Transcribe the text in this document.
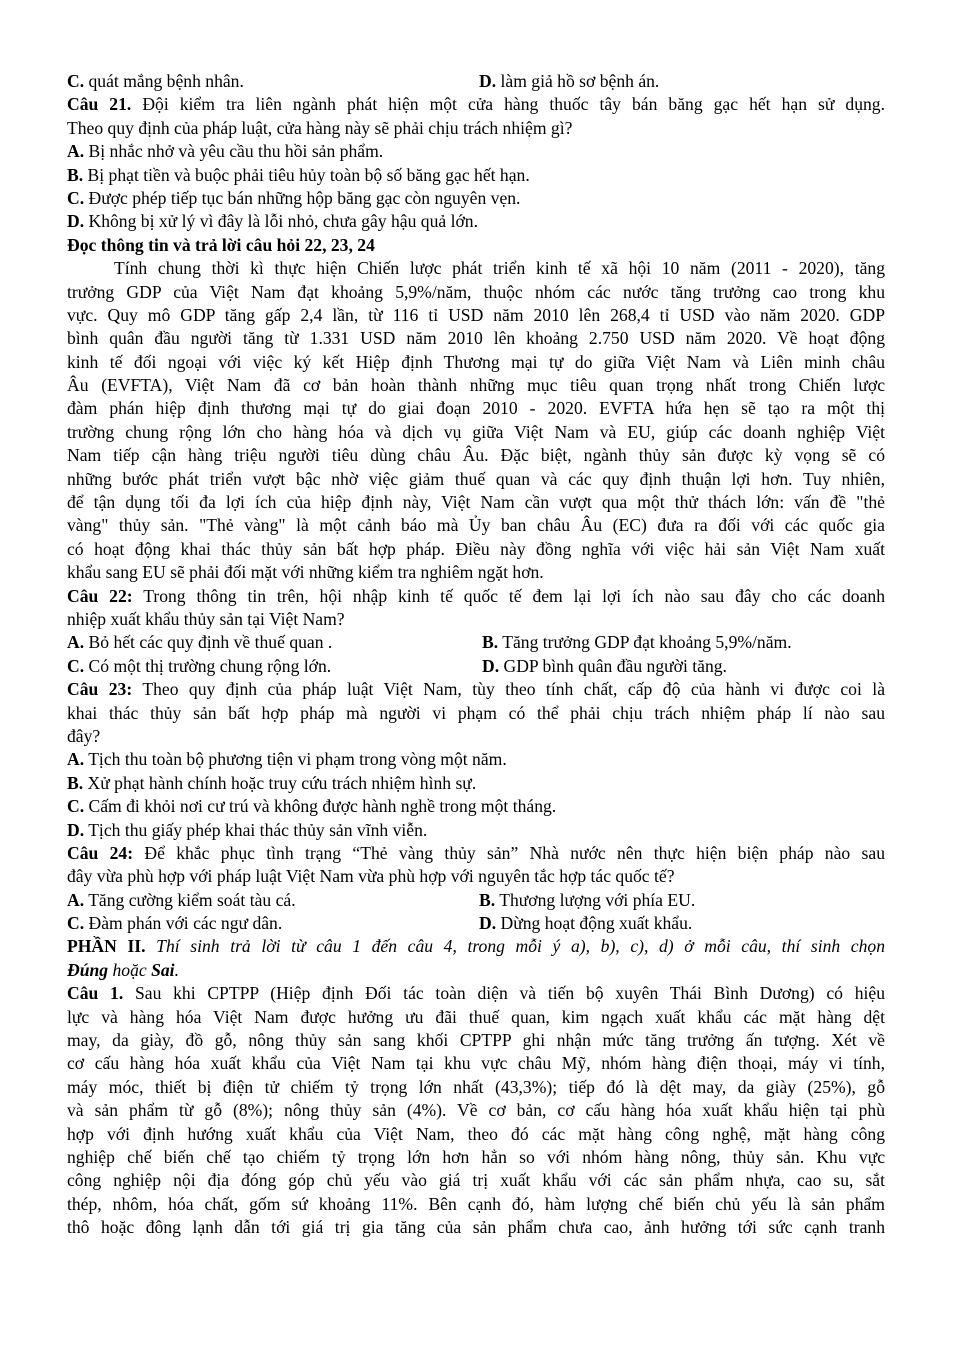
C. quát mắng bệnh nhân.	D. làm giả hồ sơ bệnh án.
Câu 21. Đội kiểm tra liên ngành phát hiện một cửa hàng thuốc tây bán băng gạc hết hạn sử dụng.
Theo quy định của pháp luật, cửa hàng này sẽ phải chịu trách nhiệm gì?
A. Bị nhắc nhở và yêu cầu thu hồi sản phẩm.
B. Bị phạt tiền và buộc phải tiêu hủy toàn bộ số băng gạc hết hạn.
C. Được phép tiếp tục bán những hộp băng gạc còn nguyên vẹn.
D. Không bị xử lý vì đây là lỗi nhỏ, chưa gây hậu quả lớn.
Đọc thông tin và trả lời câu hỏi 22, 23, 24
Tính chung thời kì thực hiện Chiến lược phát triển kinh tế xã hội 10 năm (2011 - 2020), tăng
trưởng GDP của Việt Nam đạt khoảng 5,9%/năm, thuộc nhóm các nước tăng trưởng cao trong khu
vực. Quy mô GDP tăng gấp 2,4 lần, từ 116 tỉ USD năm 2010 lên 268,4 tỉ USD vào năm 2020. GDP
bình quân đầu người tăng từ 1.331 USD năm 2010 lên khoảng 2.750 USD năm 2020. Về hoạt động
kinh tế đối ngoại với việc ký kết Hiệp định Thương mại tự do giữa Việt Nam và Liên minh châu
Âu (EVFTA), Việt Nam đã cơ bản hoàn thành những mục tiêu quan trọng nhất trong Chiến lược
đàm phán hiệp định thương mại tự do giai đoạn 2010 - 2020. EVFTA hứa hẹn sẽ tạo ra một thị
trường chung rộng lớn cho hàng hóa và dịch vụ giữa Việt Nam và EU, giúp các doanh nghiệp Việt
Nam tiếp cận hàng triệu người tiêu dùng châu Âu. Đặc biệt, ngành thủy sản được kỳ vọng sẽ có
những bước phát triển vượt bậc nhờ việc giảm thuế quan và các quy định thuận lợi hơn. Tuy nhiên,
để tận dụng tối đa lợi ích của hiệp định này, Việt Nam cần vượt qua một thử thách lớn: vấn đề "thẻ
vàng" thủy sản. "Thẻ vàng" là một cảnh báo mà Ủy ban châu Âu (EC) đưa ra đối với các quốc gia
có hoạt động khai thác thủy sản bất hợp pháp. Điều này đồng nghĩa với việc hải sản Việt Nam xuất
khẩu sang EU sẽ phải đối mặt với những kiểm tra nghiêm ngặt hơn.
Câu 22: Trong thông tin trên, hội nhập kinh tế quốc tế đem lại lợi ích nào sau đây cho các doanh
nhiệp xuất khẩu thủy sản tại Việt Nam?
A. Bỏ hết các quy định về thuế quan .	B. Tăng trưởng GDP đạt khoảng 5,9%/năm.
C. Có một thị trường chung rộng lớn.	D. GDP bình quân đầu người tăng.
Câu 23: Theo quy định của pháp luật Việt Nam, tùy theo tính chất, cấp độ của hành vi được coi là
khai thác thủy sản bất hợp pháp mà người vi phạm có thể phải chịu trách nhiệm pháp lí nào sau
đây?
A. Tịch thu toàn bộ phương tiện vi phạm trong vòng một năm.
B. Xử phạt hành chính hoặc truy cứu trách nhiệm hình sự.
C. Cấm đi khỏi nơi cư trú và không được hành nghề trong một tháng.
D. Tịch thu giấy phép khai thác thủy sản vĩnh viễn.
Câu 24: Để khắc phục tình trạng “Thẻ vàng thủy sản” Nhà nước nên thực hiện biện pháp nào sau
đây vừa phù hợp với pháp luật Việt Nam vừa phù hợp với nguyên tắc hợp tác quốc tế?
A. Tăng cường kiểm soát tàu cá.	B. Thương lượng với phía EU.
C. Đàm phán với các ngư dân.	D. Dừng hoạt động xuất khẩu.
PHẦN II. Thí sinh trả lời từ câu 1 đến câu 4, trong mỗi ý a), b), c), d) ở mỗi câu, thí sinh chọn
Đúng hoặc Sai.
Câu 1. Sau khi CPTPP (Hiệp định Đối tác toàn diện và tiến bộ xuyên Thái Bình Dương) có hiệu
lực và hàng hóa Việt Nam được hưởng ưu đãi thuế quan, kim ngạch xuất khẩu các mặt hàng dệt
may, da giày, đồ gỗ, nông thủy sản sang khối CPTPP ghi nhận mức tăng trưởng ấn tượng. Xét về
cơ cấu hàng hóa xuất khẩu của Việt Nam tại khu vực châu Mỹ, nhóm hàng điện thoại, máy vi tính,
máy móc, thiết bị điện tử chiếm tỷ trọng lớn nhất (43,3%); tiếp đó là dệt may, da giày (25%), gỗ
và sản phẩm từ gỗ (8%); nông thủy sản (4%). Về cơ bản, cơ cấu hàng hóa xuất khẩu hiện tại phù
hợp với định hướng xuất khẩu của Việt Nam, theo đó các mặt hàng công nghệ, mặt hàng công
nghiệp chế biến chế tạo chiếm tỷ trọng lớn hơn hẳn so với nhóm hàng nông, thủy sản. Khu vực
công nghiệp nội địa đóng góp chủ yếu vào giá trị xuất khẩu với các sản phẩm nhựa, cao su, sắt
thép, nhôm, hóa chất, gốm sứ khoảng 11%. Bên cạnh đó, hàm lượng chế biến chủ yếu là sản phẩm
thô hoặc đông lạnh dẫn tới giá trị gia tăng của sản phẩm chưa cao, ảnh hưởng tới sức cạnh tranh
